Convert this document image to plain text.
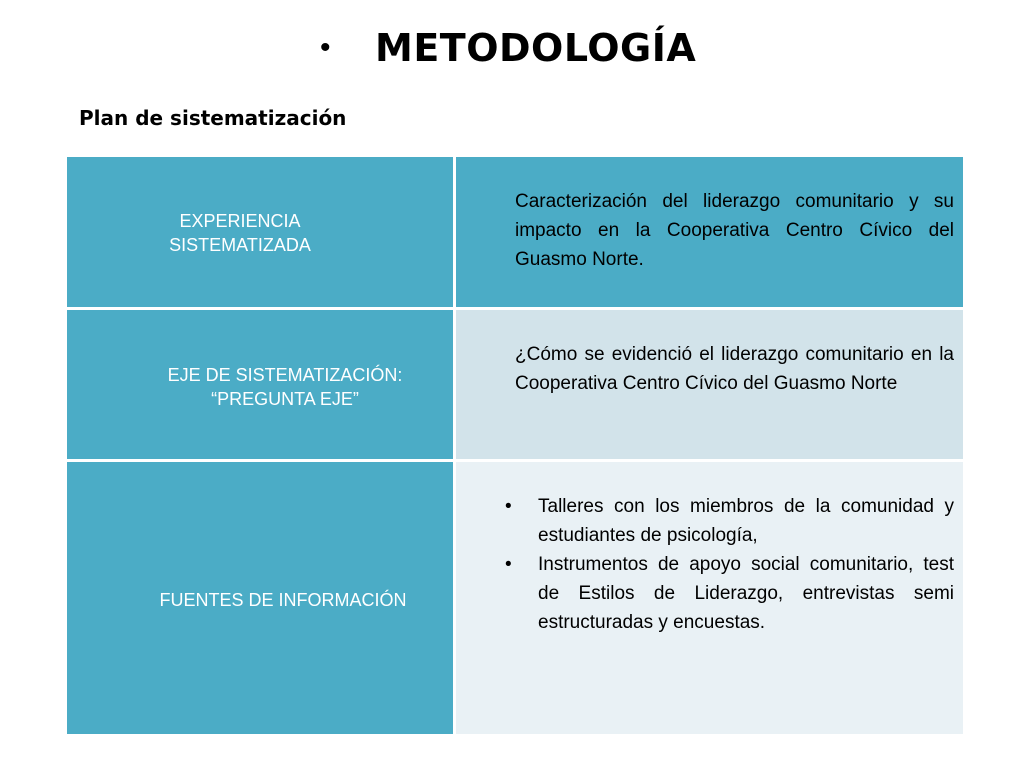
• METODOLOGÍA
Plan de sistematización
EXPERIENCIA
SISTEMATIZADA
Caracterización del liderazgo comunitario y su impacto en la Cooperativa Centro Cívico del Guasmo Norte.
EJE DE SISTEMATIZACIÓN:
“PREGUNTA EJE”
¿Cómo se evidenció el liderazgo comunitario en la Cooperativa Centro Cívico del Guasmo Norte
FUENTES DE INFORMACIÓN
•	Talleres con los miembros de la comunidad y estudiantes de psicología,
•	Instrumentos de apoyo social comunitario, test de Estilos de Liderazgo, entrevistas semi estructuradas y encuestas.
